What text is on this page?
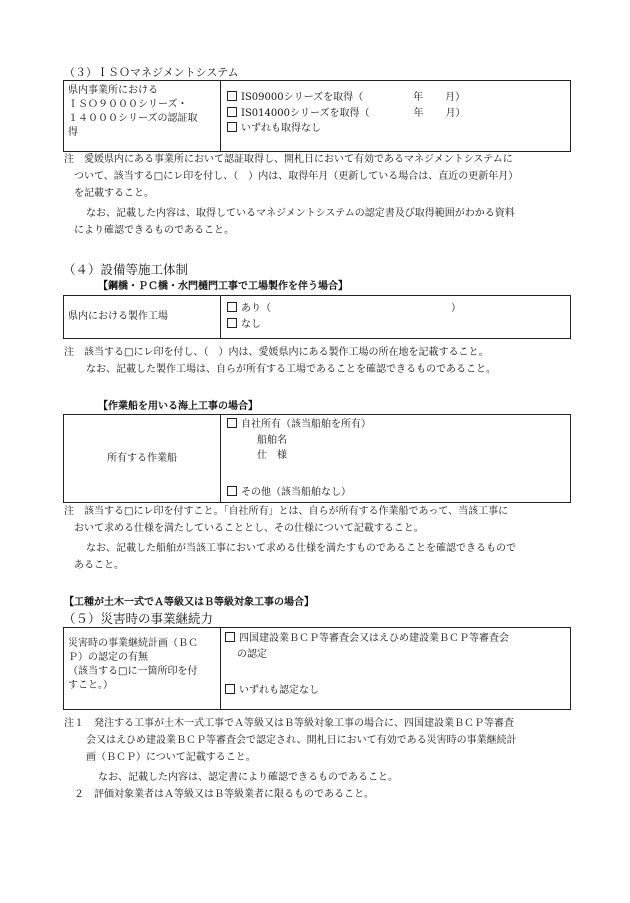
（３）ＩＳＯマネジメントシステム
県内事業所における
ＩＳＯ９０００シリーズ・
１４０００シリーズの認証取
得

IS09000シリーズを取得（	年 月）
IS014000シリーズを取得（	年 月）
いずれも取得なし
注　愛媛県内にある事業所において認証取得し、開札日において有効であるマネジメントシステムに
ついて、該当する□にレ印を付し、（　）内は、取得年月（更新している場合は、直近の更新年月）
を記載すること。
なお、記載した内容は、取得しているマネジメントシステムの認定書及び取得範囲がわかる資料
により確認できるものであること。
（４）設備等施工体制
【鋼橋・ＰＣ橋・水門樋門工事で工場製作を伴う場合】
県内における製作工場

あり（	）
なし
注　該当する□にレ印を付し、（　）内は、愛媛県内にある製作工場の所在地を記載すること。
なお、記載した製作工場は、自らが所有する工場であることを確認できるものであること。
【作業船を用いる海上工事の場合】
所有する作業船

自社所有（該当船舶を所有）
船舶名
仕　様
その他（該当船舶なし）
注　該当する□にレ印を付すこと。「自社所有」とは、自らが所有する作業船であって、当該工事に
おいて求める仕様を満たしていることとし、その仕様について記載すること。
なお、記載した船舶が当該工事において求める仕様を満たすものであることを確認できるもので
あること。
【工種が土木一式でＡ等級又はＢ等級対象工事の場合】
（５）災害時の事業継続力
災害時の事業継続計画（ＢＣ
Ｐ）の認定の有無
（該当する□に一箇所印を付
すこと。）

四国建設業ＢＣＰ等審査会又はえひめ建設業ＢＣＰ等審査会
の認定
いずれも認定なし
注１　発注する工事が土木一式工事でＡ等級又はＢ等級対象工事の場合に、四国建設業ＢＣＰ等審査
会又はえひめ建設業ＢＣＰ等審査会で認定され、開札日において有効である災害時の事業継続計
画（ＢＣＰ）について記載すること。
なお、記載した内容は、認定書により確認できるものであること。
２　評価対象業者はＡ等級又はＢ等級業者に限るものであること。
